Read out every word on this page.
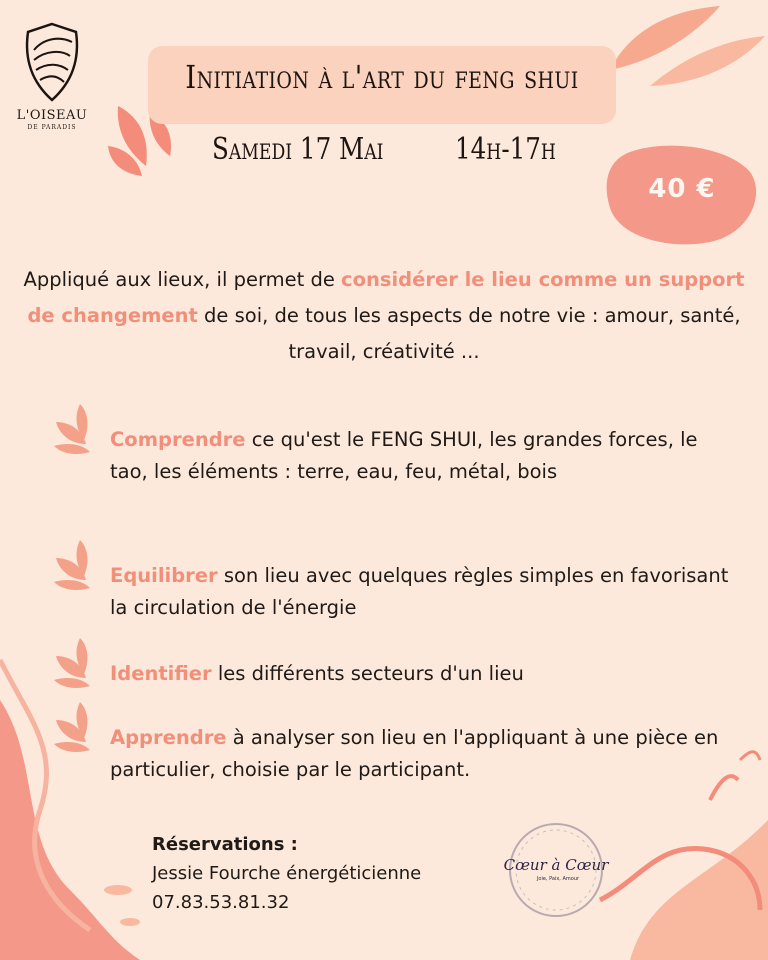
L'OISEAU
DE PARADIS
Initiation à l'art du feng shui
Samedi 17 Mai 14h-17h
40 €
Appliqué aux lieux, il permet de considérer le lieu comme un support de changement de soi, de tous les aspects de notre vie : amour, santé, travail, créativité ...
Comprendre ce qu'est le FENG SHUI, les grandes forces, le tao, les éléments : terre, eau, feu, métal, bois
Equilibrer son lieu avec quelques règles simples en favorisant la circulation de l'énergie
Identifier les différents secteurs d'un lieu
Apprendre à analyser son lieu en l'appliquant à une pièce en particulier, choisie par le participant.
Réservations :
Jessie Fourche énergéticienne
07.83.53.81.32
Cœur à Cœur
Joie, Paix, Amour
